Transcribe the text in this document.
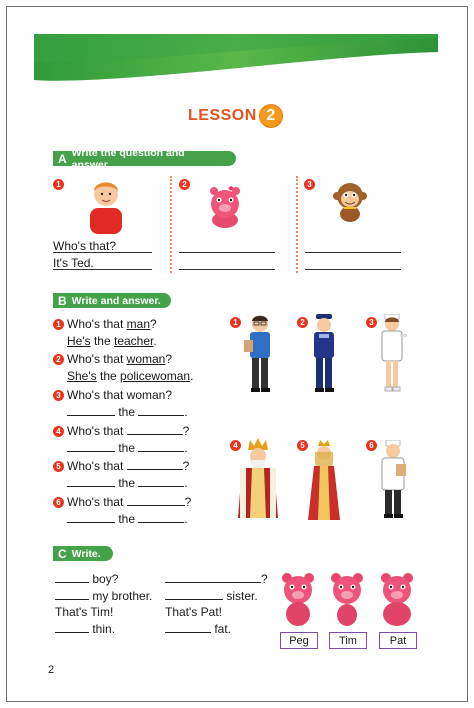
LESSON 2
A Write the question and answer.
1	2	3
Who's that?
It's Ted.
B Write and answer.
1 Who's that man?
He's the teacher.
2 Who's that woman?
She's the policewoman.
3 Who's that woman?
the	.
4 Who's that	?
the	.
5 Who's that	?
the	.
6 Who's that	?
the	.
1	2	3
4	5	6
C Write.
boy?
my brother.
That's Tim!
thin.
?
sister.
That's Pat!
fat.
Peg	Tim	Pat
2
